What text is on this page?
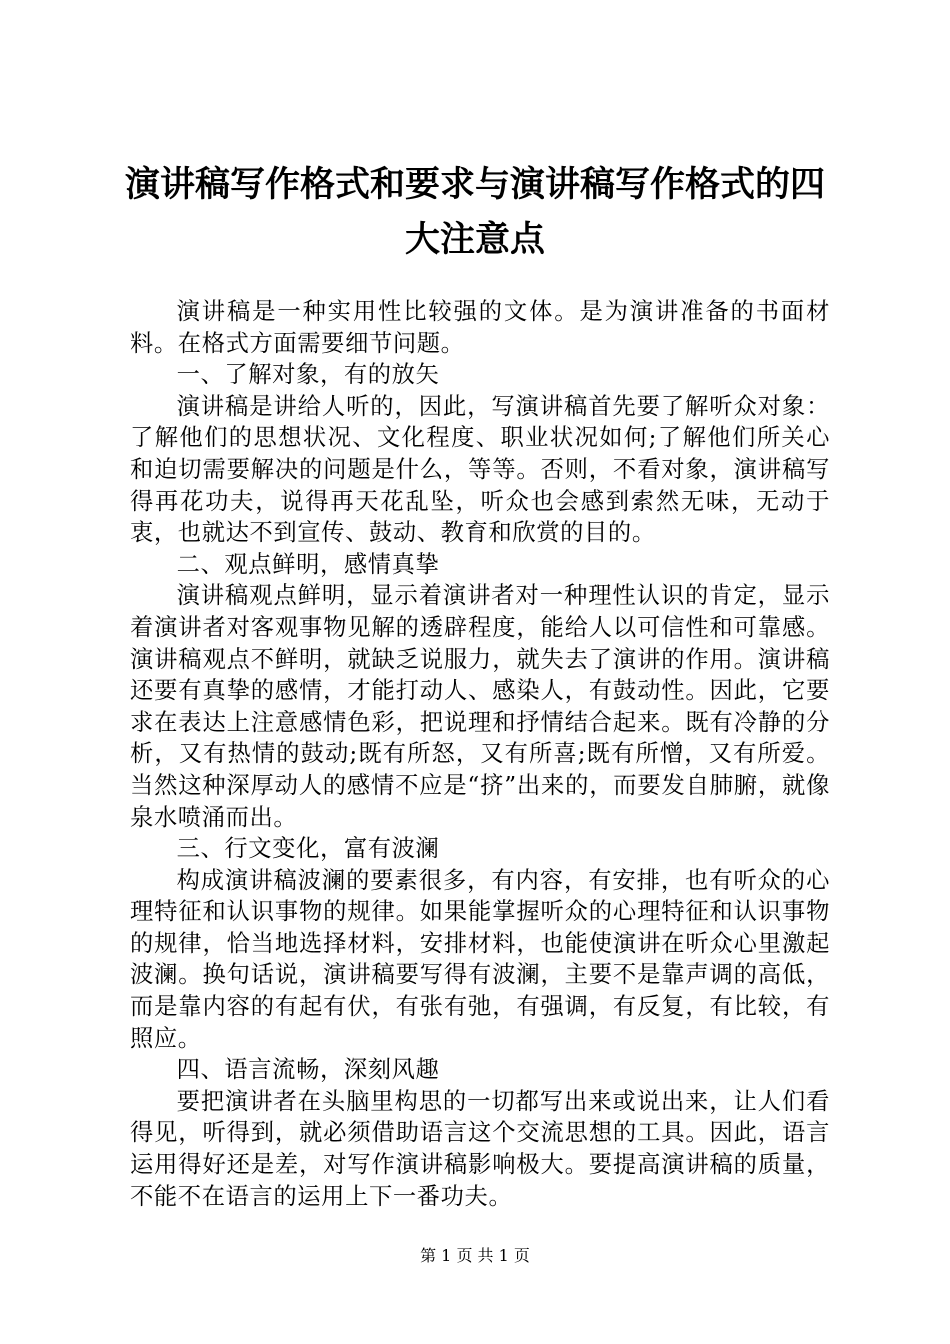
演讲稿写作格式和要求与演讲稿写作格式的四大注意点

演讲稿是一种实用性比较强的文体。是为演讲准备的书面材料。在格式方面需要细节问题。

一、了解对象，有的放矢

演讲稿是讲给人听的，因此，写演讲稿首先要了解听众对象：了解他们的思想状况、文化程度、职业状况如何;了解他们所关心和迫切需要解决的问题是什么，等等。否则，不看对象，演讲稿写得再花功夫，说得再天花乱坠，听众也会感到索然无味，无动于衷，也就达不到宣传、鼓动、教育和欣赏的目的。

二、观点鲜明，感情真挚

演讲稿观点鲜明，显示着演讲者对一种理性认识的肯定，显示着演讲者对客观事物见解的透辟程度，能给人以可信性和可靠感。演讲稿观点不鲜明，就缺乏说服力，就失去了演讲的作用。演讲稿还要有真挚的感情，才能打动人、感染人，有鼓动性。因此，它要求在表达上注意感情色彩，把说理和抒情结合起来。既有冷静的分析，又有热情的鼓动;既有所怒，又有所喜;既有所憎，又有所爱。当然这种深厚动人的感情不应是“挤”出来的，而要发自肺腑，就像泉水喷涌而出。

三、行文变化，富有波澜

构成演讲稿波澜的要素很多，有内容，有安排，也有听众的心理特征和认识事物的规律。如果能掌握听众的心理特征和认识事物的规律，恰当地选择材料，安排材料，也能使演讲在听众心里激起波澜。换句话说，演讲稿要写得有波澜，主要不是靠声调的高低，而是靠内容的有起有伏，有张有弛，有强调，有反复，有比较，有照应。

四、语言流畅，深刻风趣

要把演讲者在头脑里构思的一切都写出来或说出来，让人们看得见，听得到，就必须借助语言这个交流思想的工具。因此，语言运用得好还是差，对写作演讲稿影响极大。要提高演讲稿的质量，不能不在语言的运用上下一番功夫。

第 1 页 共 1 页
